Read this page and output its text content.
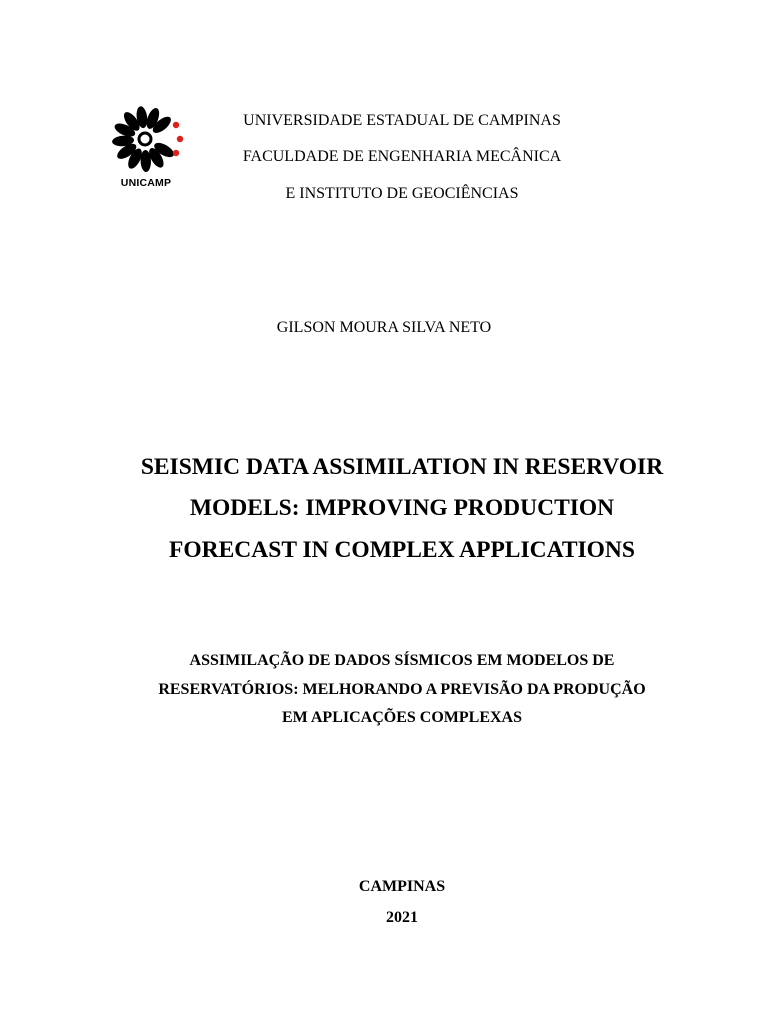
UNICAMP
UNIVERSIDADE ESTADUAL DE CAMPINAS
FACULDADE DE ENGENHARIA MECÂNICA
E INSTITUTO DE GEOCIÊNCIAS
GILSON MOURA SILVA NETO
SEISMIC DATA ASSIMILATION IN RESERVOIR
MODELS: IMPROVING PRODUCTION
FORECAST IN COMPLEX APPLICATIONS
ASSIMILAÇÃO DE DADOS SÍSMICOS EM MODELOS DE
RESERVATÓRIOS: MELHORANDO A PREVISÃO DA PRODUÇÃO
EM APLICAÇÕES COMPLEXAS
CAMPINAS
2021
